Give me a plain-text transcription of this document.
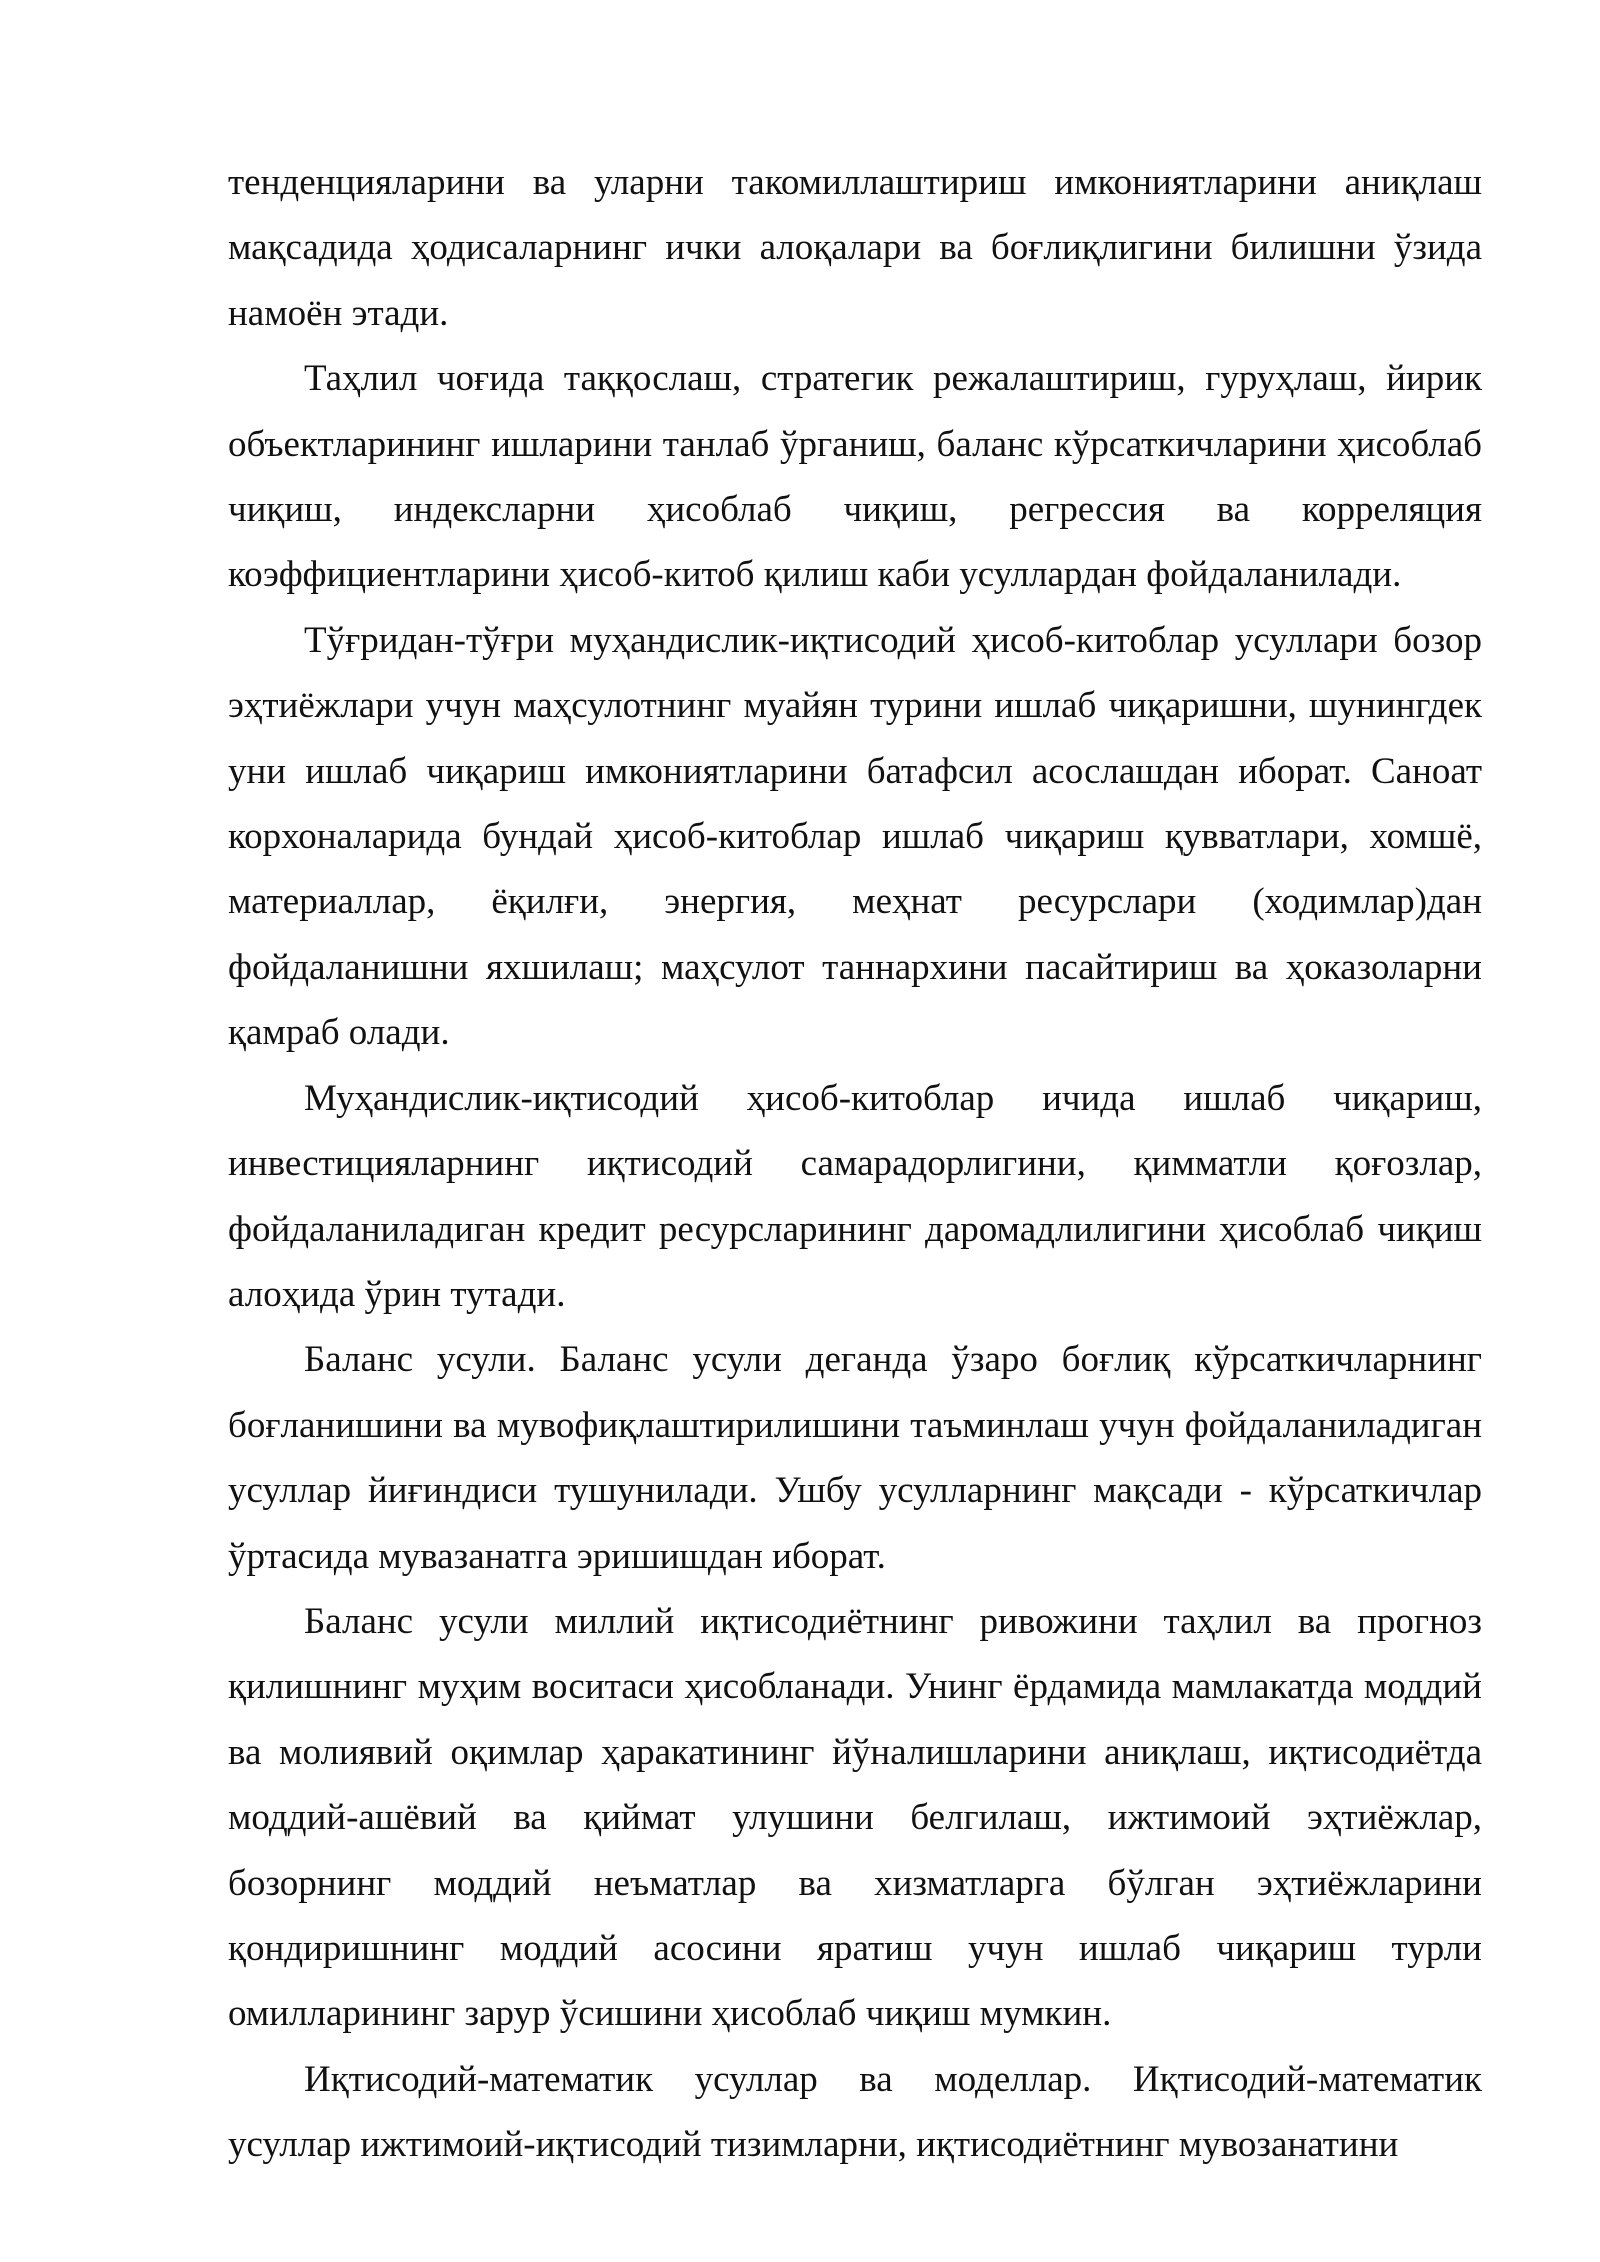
тенденцияларини ва уларни такомиллаштириш имкониятларини аниқлаш мақсадида ҳодисаларнинг ички алоқалари ва боғлиқлигини билишни ўзида намоён этади.

Таҳлил чоғида таққослаш, стратегик режалаштириш, гуруҳлаш, йирик объектларининг ишларини танлаб ўрганиш, баланс кўрсаткичларини ҳисоблаб чиқиш, индексларни ҳисоблаб чиқиш, регрессия ва корреляция коэффициентларини ҳисоб-китоб қилиш каби усуллардан фойдаланилади.

Тўғридан-тўғри муҳандислик-иқтисодий ҳисоб-китоблар усуллари бозор эҳтиёжлари учун маҳсулотнинг муайян турини ишлаб чиқаришни, шунингдек уни ишлаб чиқариш имкониятларини батафсил асослашдан иборат. Саноат корхоналарида бундай ҳисоб-китоблар ишлаб чиқариш қувватлари, хомшё, материаллар, ёқилғи, энергия, меҳнат ресурслари (ходимлар)дан фойдаланишни яхшилаш; маҳсулот таннархини пасайтириш ва ҳоказоларни қамраб олади.

Муҳандислик-иқтисодий ҳисоб-китоблар ичида ишлаб чиқариш, инвестицияларнинг иқтисодий самарадорлигини, қимматли қоғозлар, фойдаланиладиган кредит ресурсларининг даромадлилигини ҳисоблаб чиқиш алоҳида ўрин тутади.

Баланс усули. Баланс усули деганда ўзаро боғлиқ кўрсаткичларнинг боғланишини ва мувофиқлаштирилишини таъминлаш учун фойдаланиладиган усуллар йиғиндиси тушунилади. Ушбу усулларнинг мақсади - кўрсаткичлар ўртасида мувазанатга эришишдан иборат.

Баланс усули миллий иқтисодиётнинг ривожини таҳлил ва прогноз қилишнинг муҳим воситаси ҳисобланади. Унинг ёрдамида мамлакатда моддий ва молиявий оқимлар ҳаракатининг йўналишларини аниқлаш, иқтисодиётда моддий-ашёвий ва қиймат улушини белгилаш, ижтимоий эҳтиёжлар, бозорнинг моддий неъматлар ва хизматларга бўлган эҳтиёжларини қондиришнинг моддий асосини яратиш учун ишлаб чиқариш турли омилларининг зарур ўсишини ҳисоблаб чиқиш мумкин.

Иқтисодий-математик усуллар ва моделлар. Иқтисодий-математик усуллар ижтимоий-иқтисодий тизимларни, иқтисодиётнинг мувозанатини
